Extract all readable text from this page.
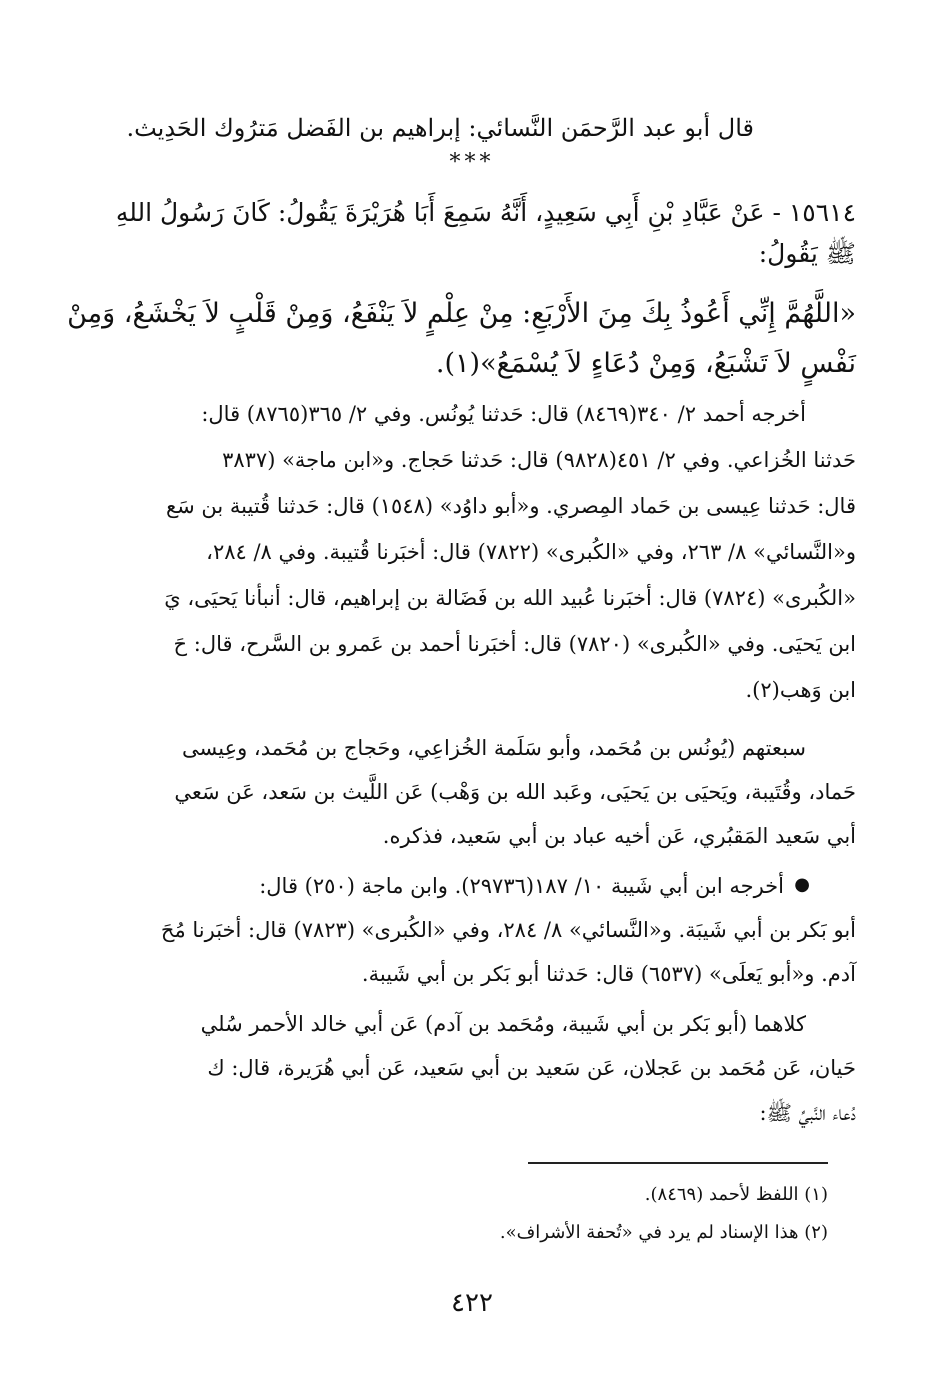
قال أبو عبد الرَّحمَن النَّسائي: إبراهيم بن الفَضل مَترُوك الحَدِيث.
***
١٥٦١٤ - عَنْ عَبَّادِ بْنِ أَبِي سَعِيدٍ، أَنَّهُ سَمِعَ أَبَا هُرَيْرَةَ يَقُولُ: كَانَ رَسُولُ اللهِ
ﷺ يَقُولُ:
«اللَّهُمَّ إِنِّي أَعُوذُ بِكَ مِنَ الأَرْبَعِ: مِنْ عِلْمٍ لاَ يَنْفَعُ، وَمِنْ قَلْبٍ لاَ يَخْشَعُ، وَمِنْ
نَفْسٍ لاَ تَشْبَعُ، وَمِنْ دُعَاءٍ لاَ يُسْمَعُ»(١).
أخرجه أحمد ٢/ ٣٤٠(٨٤٦٩) قال: حَدثنا يُونُس. وفي ٢/ ٣٦٥(٨٧٦٥) قال:
حَدثنا الخُزاعي. وفي ٢/ ٤٥١(٩٨٢٨) قال: حَدثنا حَجاج. و«ابن ماجة» (٣٨٣٧
قال: حَدثنا عِيسى بن حَماد المِصري. و«أبو داوُد» (١٥٤٨) قال: حَدثنا قُتيبة بن سَع
و«النَّسائي» ٨/ ٢٦٣، وفي «الكُبرى» (٧٨٢٢) قال: أخبَرنا قُتيبة. وفي ٨/ ٢٨٤،
«الكُبرى» (٧٨٢٤) قال: أخبَرنا عُبيد الله بن فَضَالة بن إبراهيم، قال: أنبأنا يَحيَى، يَ
ابن يَحيَى. وفي «الكُبرى» (٧٨٢٠) قال: أخبَرنا أحمد بن عَمرو بن السَّرح، قال: حَ
ابن وَهب(٢).
سبعتهم (يُونُس بن مُحَمد، وأبو سَلَمة الخُزاعِي، وحَجاج بن مُحَمد، وعِيسى
حَماد، وقُتَيبة، ويَحيَى بن يَحيَى، وعَبد الله بن وَهْب) عَن اللَّيث بن سَعد، عَن سَعي
أبي سَعيد المَقبُري، عَن أخيه عباد بن أبي سَعيد، فذكره.
●
أخرجه ابن أبي شَيبة ١٠/ ١٨٧(٢٩٧٣٦). وابن ماجة (٢٥٠) قال:
أبو بَكر بن أبي شَيبَة. و«النَّسائي» ٨/ ٢٨٤، وفي «الكُبرى» (٧٨٢٣) قال: أخبَرنا مُحَ
آدم. و«أبو يَعلَى» (٦٥٣٧) قال: حَدثنا أبو بَكر بن أبي شَيبة.
كلاهما (أبو بَكر بن أبي شَيبة، ومُحَمد بن آدم) عَن أبي خالد الأحمر سُلي
حَيان، عَن مُحَمد بن عَجلان، عَن سَعيد بن أبي سَعيد، عَن أبي هُرَيرة، قال: ك
دُعاء النَّبيِّ ﷺ:
(١) اللفظ لأحمد (٨٤٦٩).
(٢) هذا الإسناد لم يرد في «تُحفة الأشراف».
٤٢٢
